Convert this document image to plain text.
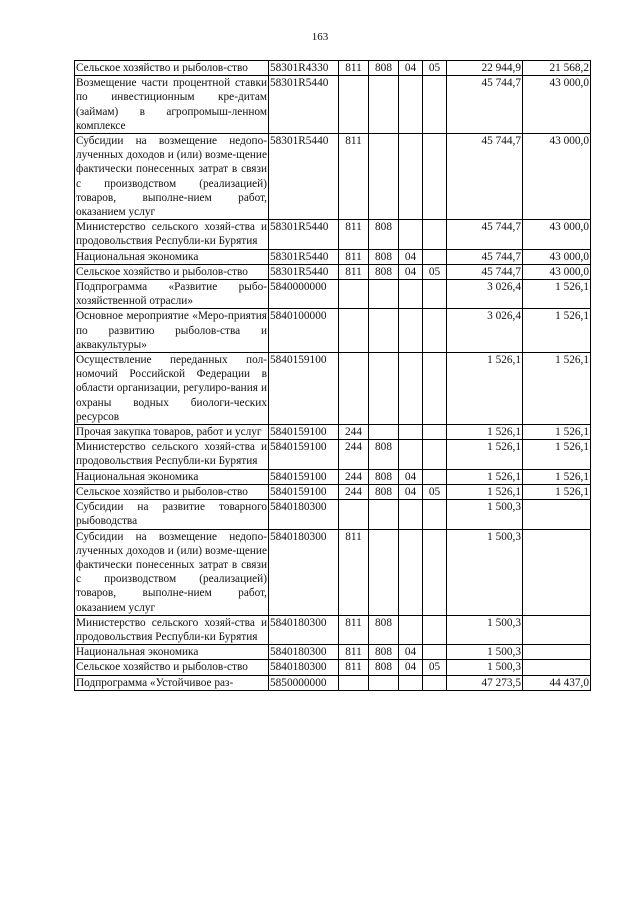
163
Сельское хозяйство и рыболов-ство	58301R4330	811	808	04	05	22 944,9	21 568,2
Возмещение части процентной ставки по инвестиционным кре-дитам (займам) в агропромыш-ленном комплексе	58301R5440					45 744,7	43 000,0
Субсидии на возмещение недопо-лученных доходов и (или) возме-щение фактически понесенных затрат в связи с производством (реализацией) товаров, выполне-нием работ, оказанием услуг	58301R5440	811				45 744,7	43 000,0
Министерство сельского хозяй-ства и продовольствия Республи-ки Бурятия	58301R5440	811	808			45 744,7	43 000,0
Национальная экономика	58301R5440	811	808	04		45 744,7	43 000,0
Сельское хозяйство и рыболов-ство	58301R5440	811	808	04	05	45 744,7	43 000,0
Подпрограмма «Развитие рыбо-хозяйственной отрасли»	5840000000					3 026,4	1 526,1
Основное мероприятие «Меро-приятия по развитию рыболов-ства и аквакультуры»	5840100000					3 026,4	1 526,1
Осуществление переданных пол-номочий Российской Федерации в области организации, регулиро-вания и охраны водных биологи-ческих ресурсов	5840159100					1 526,1	1 526,1
Прочая закупка товаров, работ и услуг	5840159100	244				1 526,1	1 526,1
Министерство сельского хозяй-ства и продовольствия Республи-ки Бурятия	5840159100	244	808			1 526,1	1 526,1
Национальная экономика	5840159100	244	808	04		1 526,1	1 526,1
Сельское хозяйство и рыболов-ство	5840159100	244	808	04	05	1 526,1	1 526,1
Субсидии на развитие товарного рыбоводства	5840180300					1 500,3	
Субсидии на возмещение недопо-лученных доходов и (или) возме-щение фактически понесенных затрат в связи с производством (реализацией) товаров, выполне-нием работ, оказанием услуг	5840180300	811				1 500,3	
Министерство сельского хозяй-ства и продовольствия Республи-ки Бурятия	5840180300	811	808			1 500,3	
Национальная экономика	5840180300	811	808	04		1 500,3	
Сельское хозяйство и рыболов-ство	5840180300	811	808	04	05	1 500,3	
Подпрограмма «Устойчивое раз-	5850000000					47 273,5	44 437,0
